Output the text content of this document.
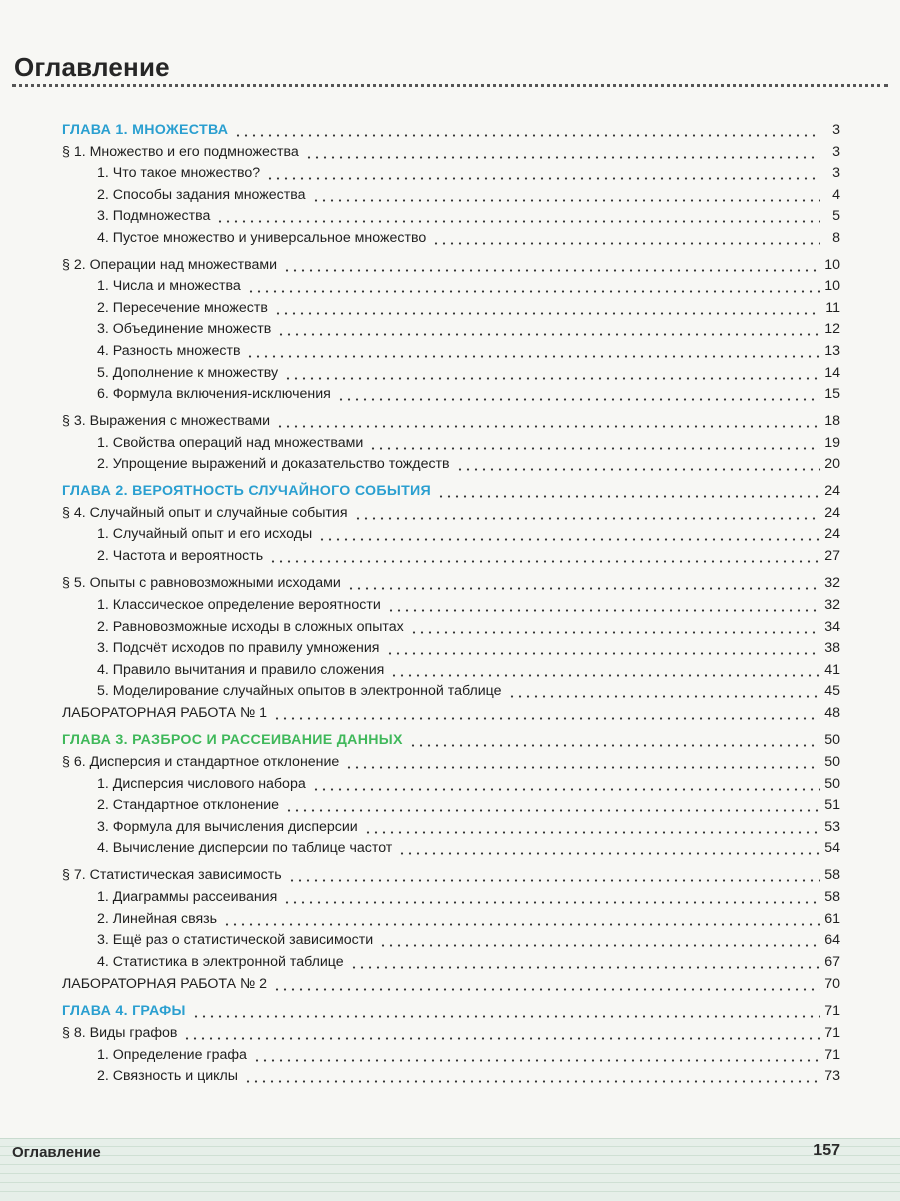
Оглавление
ГЛАВА 1. МНОЖЕСТВА	3
§ 1. Множество и его подмножества	3
1. Что такое множество?	3
2. Способы задания множества	4
3. Подмножества	5
4. Пустое множество и универсальное множество	8
§ 2. Операции над множествами	10
1. Числа и множества	10
2. Пересечение множеств	11
3. Объединение множеств	12
4. Разность множеств	13
5. Дополнение к множеству	14
6. Формула включения-исключения	15
§ 3. Выражения с множествами	18
1. Свойства операций над множествами	19
2. Упрощение выражений и доказательство тождеств	20
ГЛАВА 2. ВЕРОЯТНОСТЬ СЛУЧАЙНОГО СОБЫТИЯ	24
§ 4. Случайный опыт и случайные события	24
1. Случайный опыт и его исходы	24
2. Частота и вероятность	27
§ 5. Опыты с равновозможными исходами	32
1. Классическое определение вероятности	32
2. Равновозможные исходы в сложных опытах	34
3. Подсчёт исходов по правилу умножения	38
4. Правило вычитания и правило сложения	41
5. Моделирование случайных опытов в электронной таблице	45
ЛАБОРАТОРНАЯ РАБОТА № 1	48
ГЛАВА 3. РАЗБРОС И РАССЕИВАНИЕ ДАННЫХ	50
§ 6. Дисперсия и стандартное отклонение	50
1. Дисперсия числового набора	50
2. Стандартное отклонение	51
3. Формула для вычисления дисперсии	53
4. Вычисление дисперсии по таблице частот	54
§ 7. Статистическая зависимость	58
1. Диаграммы рассеивания	58
2. Линейная связь	61
3. Ещё раз о статистической зависимости	64
4. Статистика в электронной таблице	67
ЛАБОРАТОРНАЯ РАБОТА № 2	70
ГЛАВА 4. ГРАФЫ	71
§ 8. Виды графов	71
1. Определение графа	71
2. Связность и циклы	73
Оглавление	157
